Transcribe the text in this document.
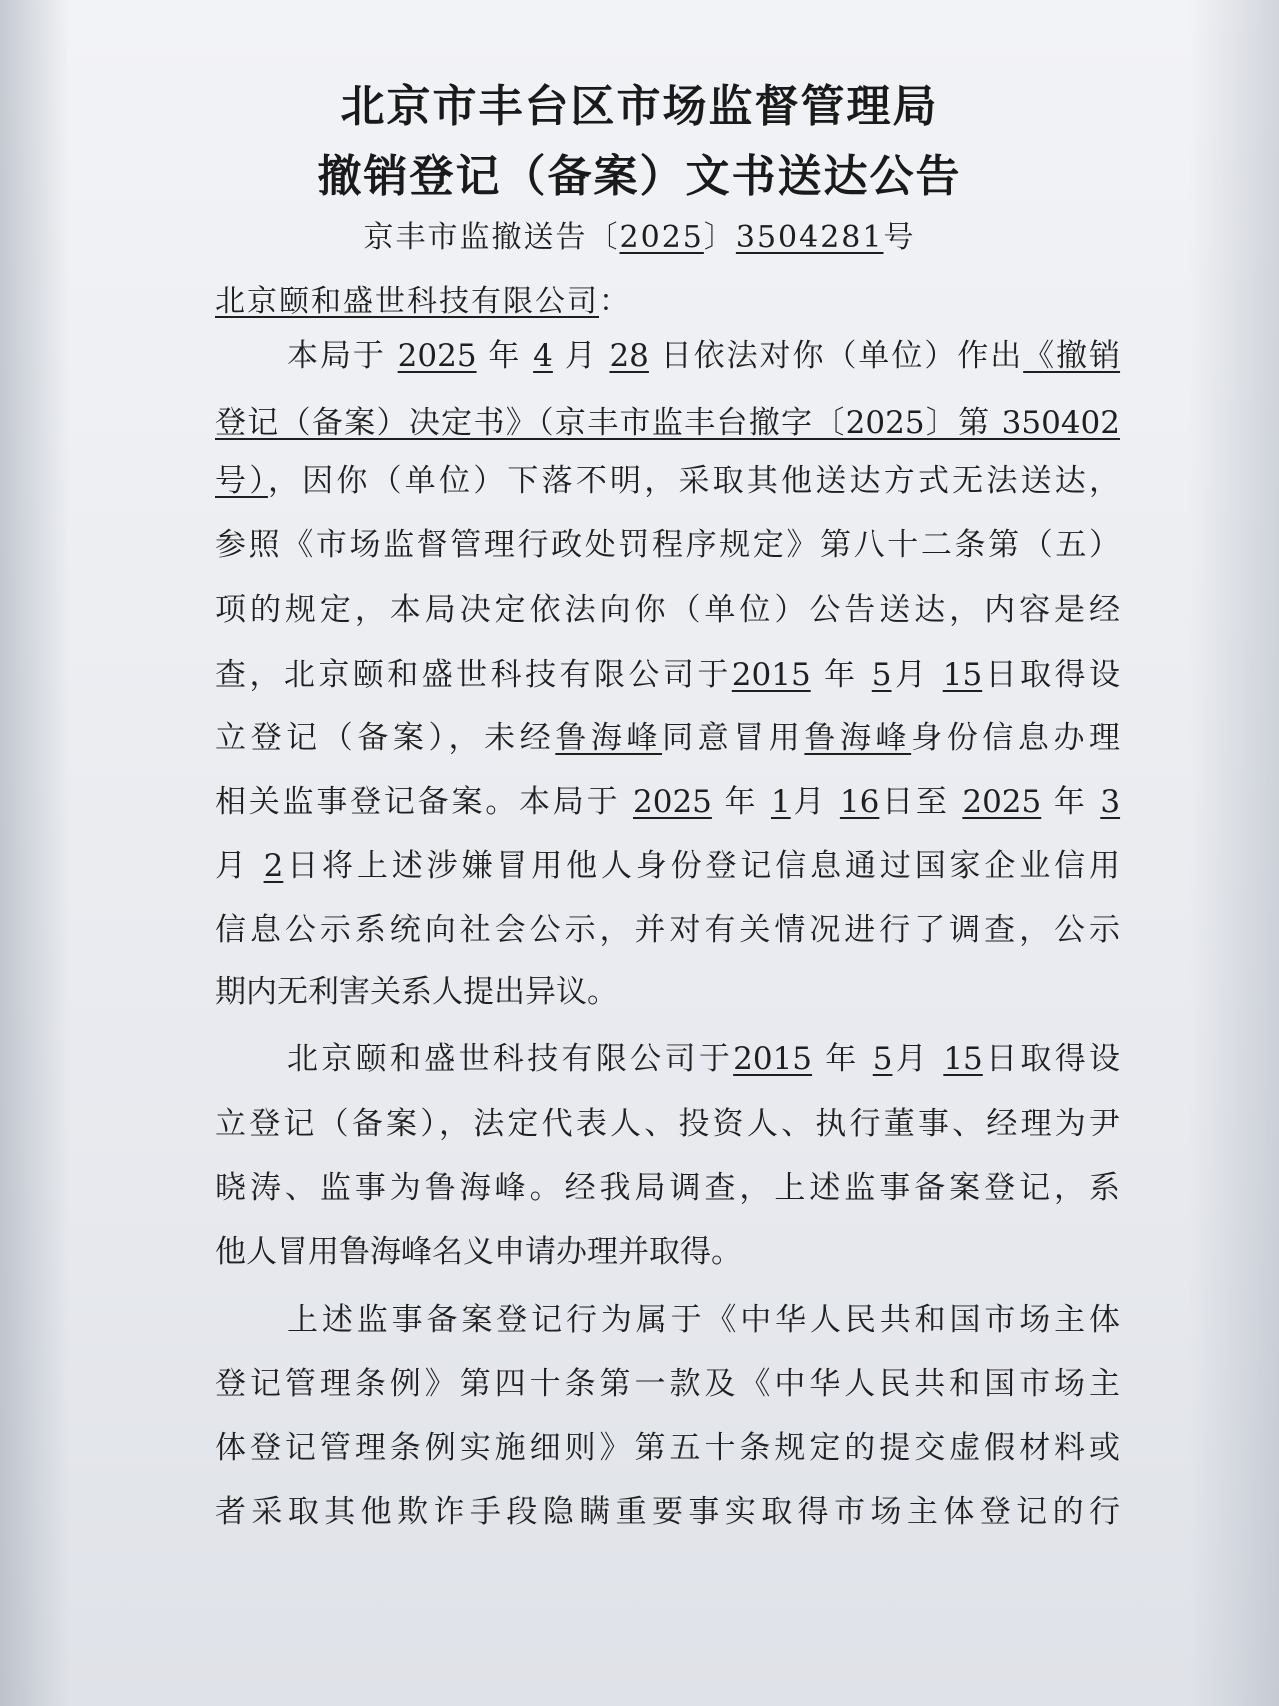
北京市丰台区市场监督管理局
撤销登记（备案）文书送达公告
京丰市监撤送告〔2025〕3504281号
北京颐和盛世科技有限公司：
本局于 2025 年 4 月 28 日依法对你（单位）作出《撤销
登记（备案）决定书》（京丰市监丰台撤字〔2025〕第 350402
号），因你（单位）下落不明，采取其他送达方式无法送达，
参照《市场监督管理行政处罚程序规定》第八十二条第（五）
项的规定，本局决定依法向你（单位）公告送达，内容是经
查，北京颐和盛世科技有限公司于2015 年 5月 15日取得设
立登记（备案），未经鲁海峰同意冒用鲁海峰身份信息办理
相关监事登记备案。本局于 2025 年 1月 16日至 2025 年 3
月 2日将上述涉嫌冒用他人身份登记信息通过国家企业信用
信息公示系统向社会公示，并对有关情况进行了调查，公示
期内无利害关系人提出异议。
北京颐和盛世科技有限公司于2015 年 5月 15日取得设
立登记（备案），法定代表人、投资人、执行董事、经理为尹
晓涛、监事为鲁海峰。经我局调查，上述监事备案登记，系
他人冒用鲁海峰名义申请办理并取得。
上述监事备案登记行为属于《中华人民共和国市场主体
登记管理条例》第四十条第一款及《中华人民共和国市场主
体登记管理条例实施细则》第五十条规定的提交虚假材料或
者采取其他欺诈手段隐瞒重要事实取得市场主体登记的行
